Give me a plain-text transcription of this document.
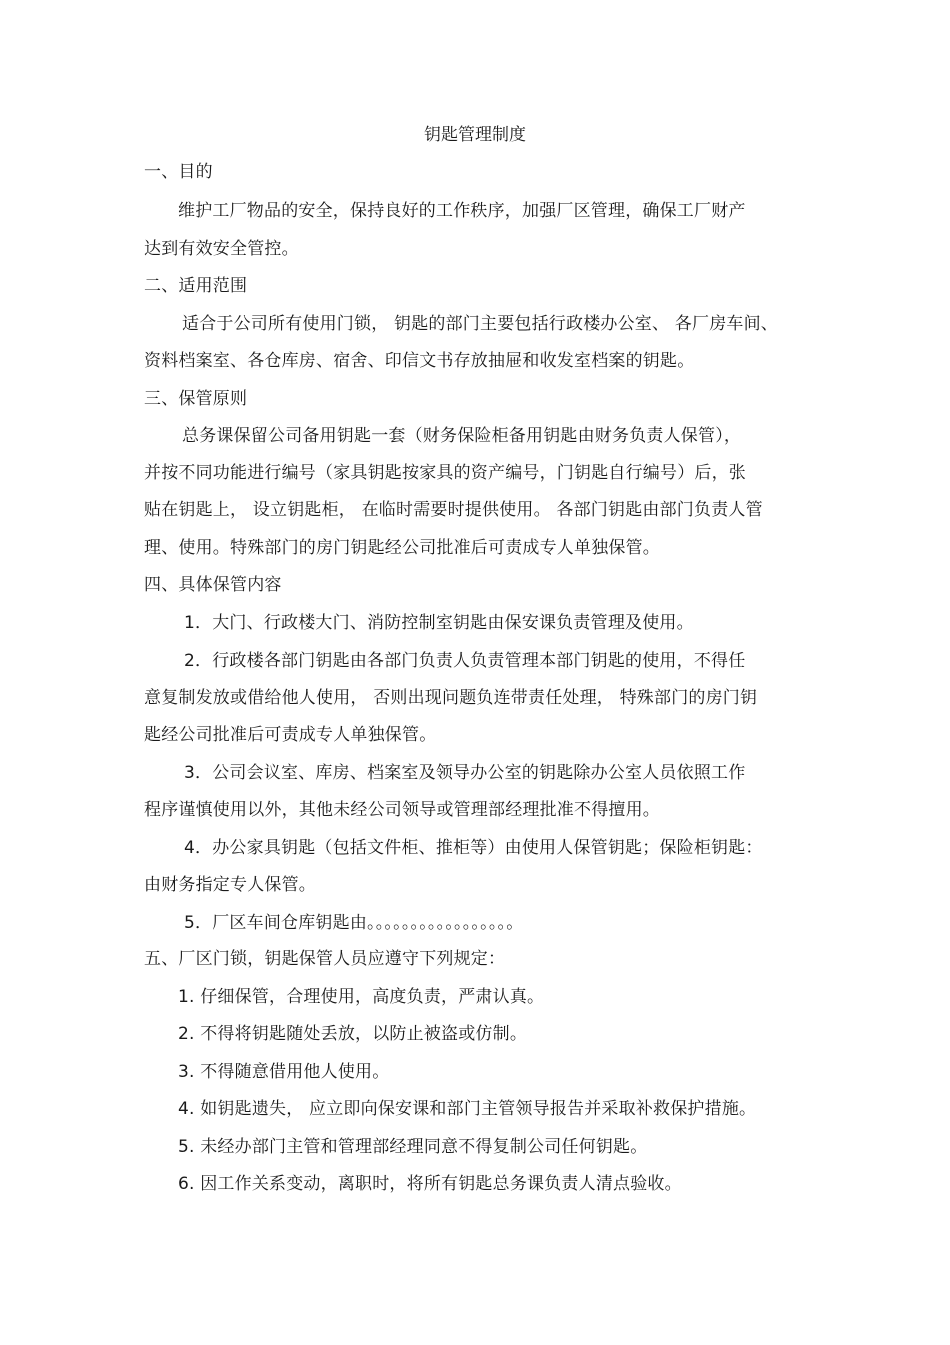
钥匙管理制度
一、目的
维护工厂物品的安全，保持良好的工作秩序，加强厂区管理，确保工厂财产
达到有效安全管控。
二、适用范围
适合于公司所有使用门锁， 钥匙的部门主要包括行政楼办公室、 各厂房车间、
资料档案室、各仓库房、宿舍、印信文书存放抽屉和收发室档案的钥匙。
三、保管原则
总务课保留公司备用钥匙一套（财务保险柜备用钥匙由财务负责人保管），
并按不同功能进行编号（家具钥匙按家具的资产编号，门钥匙自行编号）后，张
贴在钥匙上， 设立钥匙柜， 在临时需要时提供使用。 各部门钥匙由部门负责人管
理、使用。特殊部门的房门钥匙经公司批准后可责成专人单独保管。
四、具体保管内容
1．大门、行政楼大门、消防控制室钥匙由保安课负责管理及使用。
2．行政楼各部门钥匙由各部门负责人负责管理本部门钥匙的使用，不得任
意复制发放或借给他人使用， 否则出现问题负连带责任处理， 特殊部门的房门钥
匙经公司批准后可责成专人单独保管。
3．公司会议室、库房、档案室及领导办公室的钥匙除办公室人员依照工作
程序谨慎使用以外，其他未经公司领导或管理部经理批准不得擅用。
4．办公家具钥匙（包括文件柜、推柜等）由使用人保管钥匙；保险柜钥匙：
由财务指定专人保管。
5．厂区车间仓库钥匙由。。。。。。。。。。。。。。。。。
五、厂区门锁，钥匙保管人员应遵守下列规定：
1. 仔细保管，合理使用，高度负责，严肃认真。
2. 不得将钥匙随处丢放，以防止被盗或仿制。
3. 不得随意借用他人使用。
4. 如钥匙遗失， 应立即向保安课和部门主管领导报告并采取补救保护措施。
5. 未经办部门主管和管理部经理同意不得复制公司任何钥匙。
6. 因工作关系变动，离职时，将所有钥匙总务课负责人清点验收。
